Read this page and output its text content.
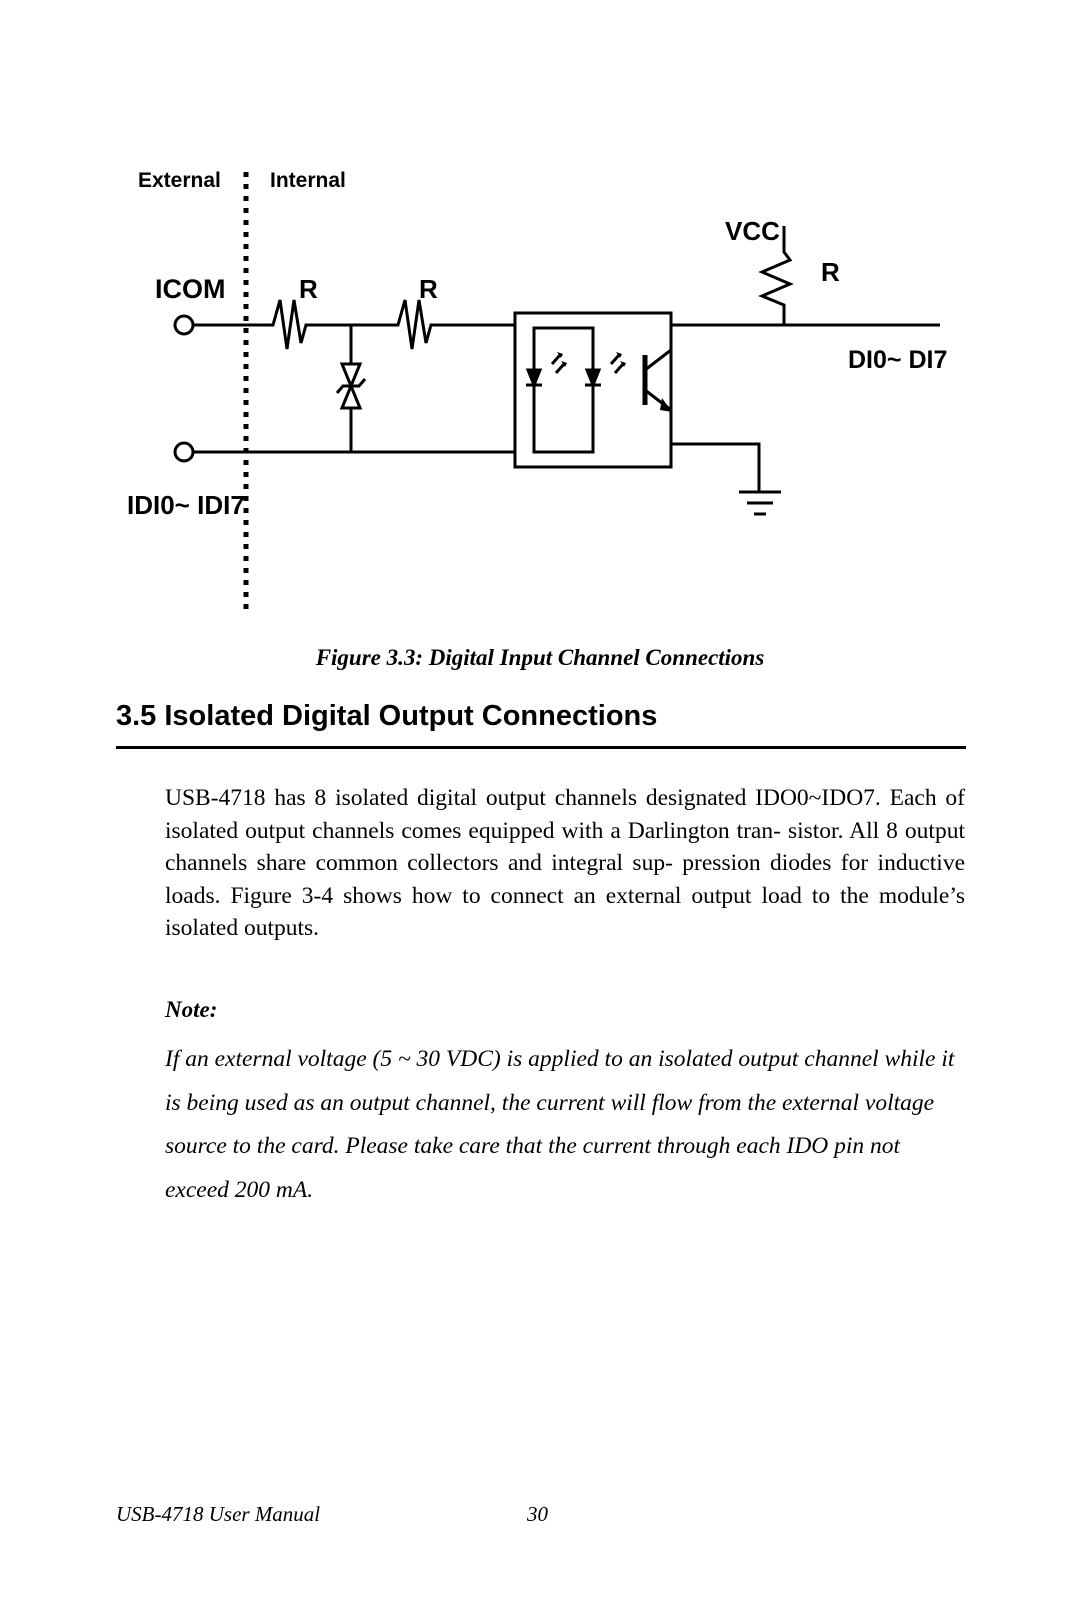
External Internal
ICOM	R	R
VCC
R
DI0~ DI7
IDI0~ IDI7
Figure 3.3: Digital Input Channel Connections
3.5 Isolated Digital Output Connections
USB-4718 has 8 isolated digital output channels designated IDO0~IDO7. Each of isolated output channels comes equipped with a Darlington tran- sistor. All 8 output channels share common collectors and integral sup- pression diodes for inductive loads. Figure 3-4 shows how to connect an external output load to the module’s isolated outputs.
Note:
If an external voltage (5 ~ 30 VDC) is applied to an isolated output channel while it is being used as an output channel, the current will flow from the external voltage source to the card. Please take care that the current through each IDO pin not exceed 200 mA.
USB-4718 User Manual	30
